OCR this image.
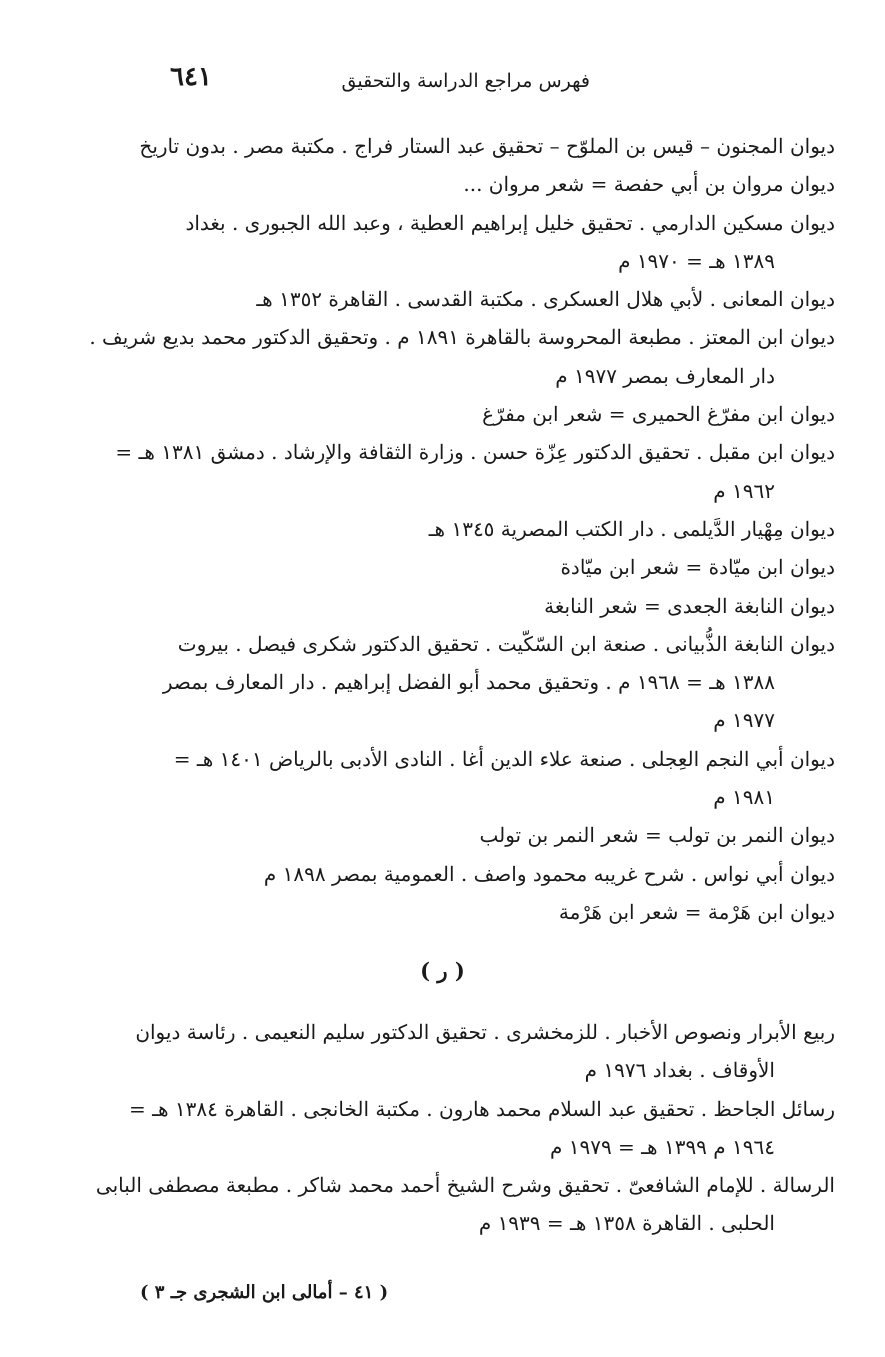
فهرس مراجع الدراسة والتحقيق
٦٤١
ديوان المجنون – قيس بن الملوّح – تحقيق عبد الستار فراج . مكتبة مصر . بدون تاريخ
ديوان مروان بن أبي حفصة = شعر مروان ...
ديوان مسكين الدارمي . تحقيق خليل إبراهيم العطية ، وعبد الله الجبورى . بغداد
١٣٨٩ هـ = ١٩٧٠ م
ديوان المعانى . لأبي هلال العسكرى . مكتبة القدسى . القاهرة ١٣٥٢ هـ
ديوان ابن المعتز . مطبعة المحروسة بالقاهرة ١٨٩١ م . وتحقيق الدكتور محمد بديع شريف .
دار المعارف بمصر ١٩٧٧ م
ديوان ابن مفرّغ الحميرى = شعر ابن مفرّغ
ديوان ابن مقبل . تحقيق الدكتور عِزّة حسن . وزارة الثقافة والإرشاد . دمشق ١٣٨١ هـ =
١٩٦٢ م
ديوان مِهْيار الدَّيلمى . دار الكتب المصرية ١٣٤٥ هـ
ديوان ابن ميّادة = شعر ابن ميّادة
ديوان النابغة الجعدى = شعر النابغة
ديوان النابغة الذُّبيانى . صنعة ابن السّكّيت . تحقيق الدكتور شكرى فيصل . بيروت
١٣٨٨ هـ = ١٩٦٨ م . وتحقيق محمد أبو الفضل إبراهيم . دار المعارف بمصر
١٩٧٧ م
ديوان أبي النجم العِجلى . صنعة علاء الدين أغا . النادى الأدبى بالرياض ١٤٠١ هـ =
١٩٨١ م
ديوان النمر بن تولب = شعر النمر بن تولب
ديوان أبي نواس . شرح غريبه محمود واصف . العمومية بمصر ١٨٩٨ م
ديوان ابن هَرْمة = شعر ابن هَرْمة
( ر )
ربيع الأبرار ونصوص الأخبار . للزمخشرى . تحقيق الدكتور سليم النعيمى . رئاسة ديوان
الأوقاف . بغداد ١٩٧٦ م
رسائل الجاحظ . تحقيق عبد السلام محمد هارون . مكتبة الخانجى . القاهرة ١٣٨٤ هـ =
١٩٦٤ م ١٣٩٩ هـ = ١٩٧٩ م
الرسالة . للإمام الشافعىّ . تحقيق وشرح الشيخ أحمد محمد شاكر . مطبعة مصطفى البابى
الحلبى . القاهرة ١٣٥٨ هـ = ١٩٣٩ م
( ٤١ – أمالى ابن الشجرى جـ ٣ )
